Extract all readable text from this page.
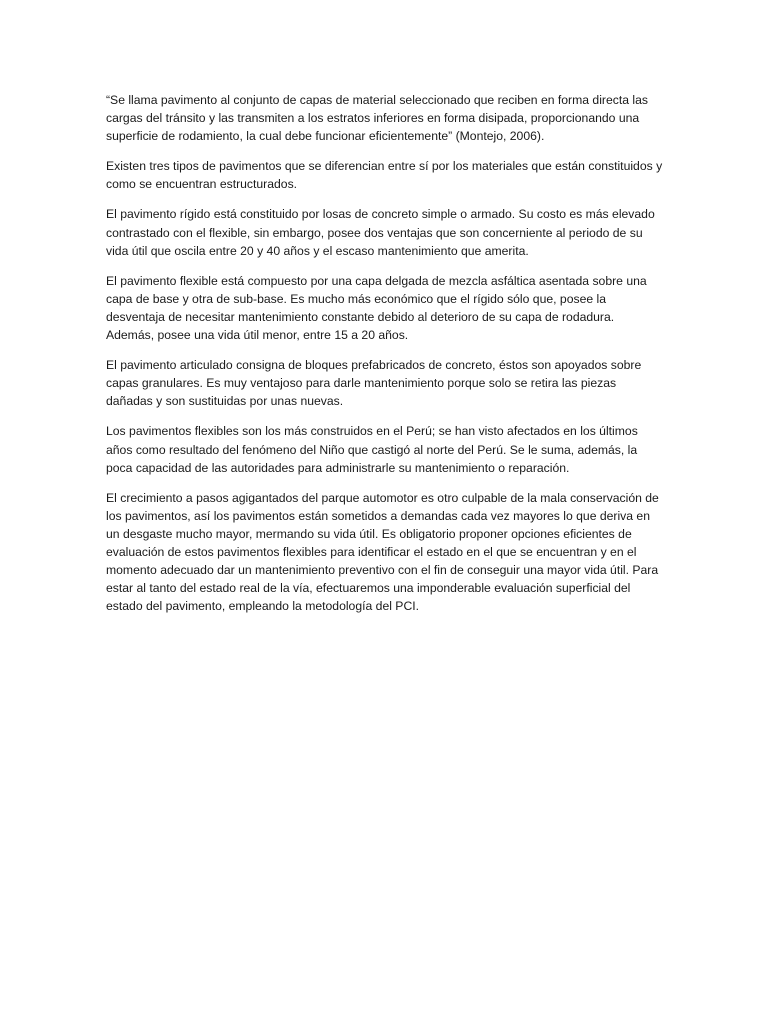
“Se llama pavimento al conjunto de capas de material seleccionado que reciben en forma directa las cargas del tránsito y las transmiten a los estratos inferiores en forma disipada, proporcionando una superficie de rodamiento, la cual debe funcionar eficientemente” (Montejo, 2006).

Existen tres tipos de pavimentos que se diferencian entre sí por los materiales que están constituidos y como se encuentran estructurados.

El pavimento rígido está constituido por losas de concreto simple o armado. Su costo es más elevado contrastado con el flexible, sin embargo, posee dos ventajas que son concerniente al periodo de su vida útil que oscila entre 20 y 40 años y el escaso mantenimiento que amerita.

El pavimento flexible está compuesto por una capa delgada de mezcla asfáltica asentada sobre una capa de base y otra de sub-base. Es mucho más económico que el rígido sólo que, posee la desventaja de necesitar mantenimiento constante debido al deterioro de su capa de rodadura. Además, posee una vida útil menor, entre 15 a 20 años.

El pavimento articulado consigna de bloques prefabricados de concreto, éstos son apoyados sobre capas granulares. Es muy ventajoso para darle mantenimiento porque solo se retira las piezas dañadas y son sustituidas por unas nuevas.

Los pavimentos flexibles son los más construidos en el Perú; se han visto afectados en los últimos años como resultado del fenómeno del Niño que castigó al norte del Perú. Se le suma, además, la poca capacidad de las autoridades para administrarle su mantenimiento o reparación.

El crecimiento a pasos agigantados del parque automotor es otro culpable de la mala conservación de los pavimentos, así los pavimentos están sometidos a demandas cada vez mayores lo que deriva en un desgaste mucho mayor, mermando su vida útil. Es obligatorio proponer opciones eficientes de evaluación de estos pavimentos flexibles para identificar el estado en el que se encuentran y en el momento adecuado dar un mantenimiento preventivo con el fin de conseguir una mayor vida útil. Para estar al tanto del estado real de la vía, efectuaremos una imponderable evaluación superficial del estado del pavimento, empleando la metodología del PCI.
